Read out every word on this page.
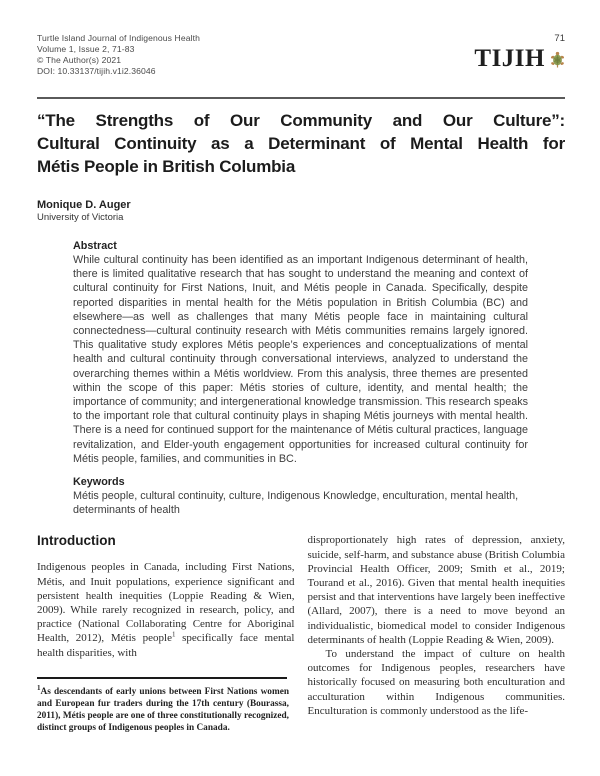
Turtle Island Journal of Indigenous Health
Volume 1, Issue 2, 71-83
© The Author(s) 2021
DOI: 10.33137/tijih.v1i2.36046
71
TIJIH
“The Strengths of Our Community and Our Culture”:
Cultural Continuity as a Determinant of Mental Health for
Métis People in British Columbia
Monique D. Auger
University of Victoria
Abstract
While cultural continuity has been identified as an important Indigenous determinant of health, there is limited qualitative research that has sought to understand the meaning and context of cultural continuity for First Nations, Inuit, and Métis people in Canada. Specifically, despite reported disparities in mental health for the Métis population in British Columbia (BC) and elsewhere—as well as challenges that many Métis people face in maintaining cultural connectedness—cultural continuity research with Métis communities remains largely ignored. This qualitative study explores Métis people’s experiences and conceptualizations of mental health and cultural continuity through conversational interviews, analyzed to understand the overarching themes within a Métis worldview. From this analysis, three themes are presented within the scope of this paper: Métis stories of culture, identity, and mental health; the importance of community; and intergenerational knowledge transmission. This research speaks to the important role that cultural continuity plays in shaping Métis journeys with mental health. There is a need for continued support for the maintenance of Métis cultural practices, language revitalization, and Elder-youth engagement opportunities for increased cultural continuity for Métis people, families, and communities in BC.
Keywords
Métis people, cultural continuity, culture, Indigenous Knowledge, enculturation, mental health, determinants of health
Introduction

Indigenous peoples in Canada, including First Nations, Métis, and Inuit populations, experience significant and persistent health inequities (Loppie Reading & Wien, 2009). While rarely recognized in research, policy, and practice (National Collaborating Centre for Aboriginal Health, 2012), Métis people$^1$ specifically face mental health disparities, with

$^1$As descendants of early unions between First Nations women and European fur traders during the 17th century (Bourassa, 2011), Métis people are one of three constitutionally recognized, distinct groups of Indigenous peoples in Canada.

disproportionately high rates of depression, anxiety, suicide, self-harm, and substance abuse (British Columbia Provincial Health Officer, 2009; Smith et al., 2019; Tourand et al., 2016). Given that mental health inequities persist and that interventions have largely been ineffective (Allard, 2007), there is a need to move beyond an individualistic, biomedical model to consider Indigenous determinants of health (Loppie Reading & Wien, 2009).

To understand the impact of culture on health outcomes for Indigenous peoples, researchers have historically focused on measuring both enculturation and acculturation within Indigenous communities. Enculturation is commonly understood as the life-
